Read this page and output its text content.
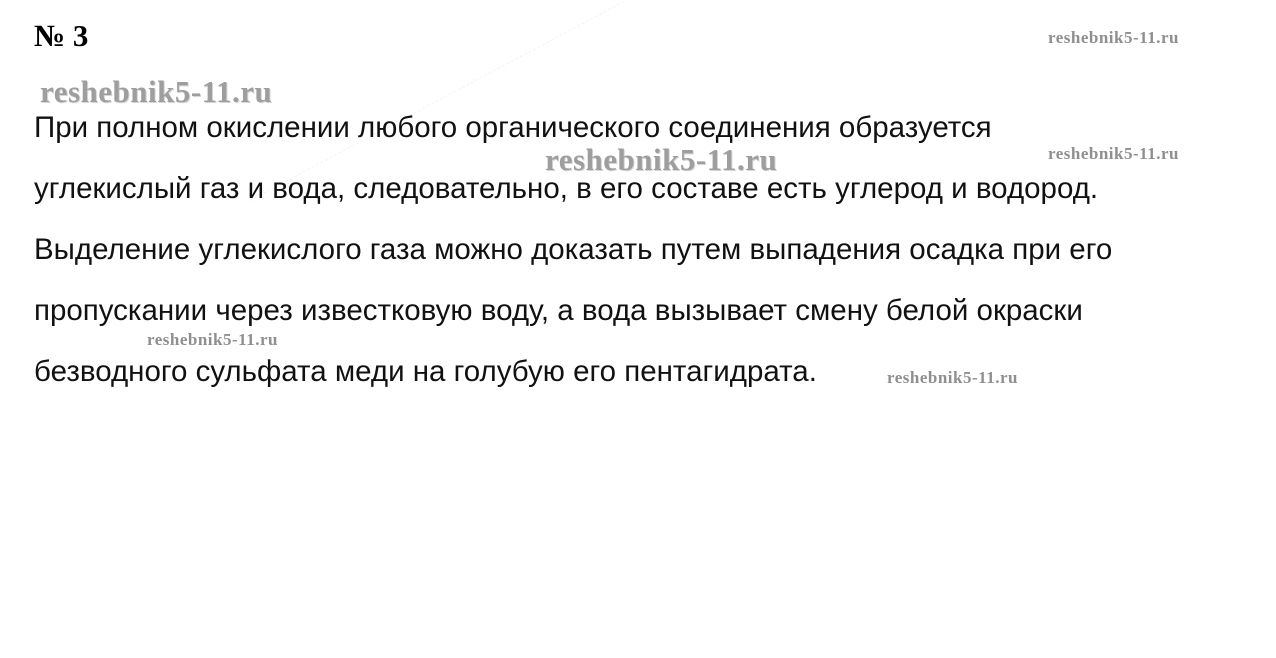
№ 3	reshebnik5-11.ru
reshebnik5-11.ru
reshebnik5-11.ru	reshebnik5-11.ru
reshebnik5-11.ru
При полном окислении любого органического соединения образуется
углекислый газ и вода, следовательно, в его составе есть углерод и водород.
Выделение углекислого газа можно доказать путем выпадения осадка при его
пропускании через известковую воду, а вода вызывает смену белой окраски
безводного сульфата меди на голубую его пентагидрата.	reshebnik5-11.ru
